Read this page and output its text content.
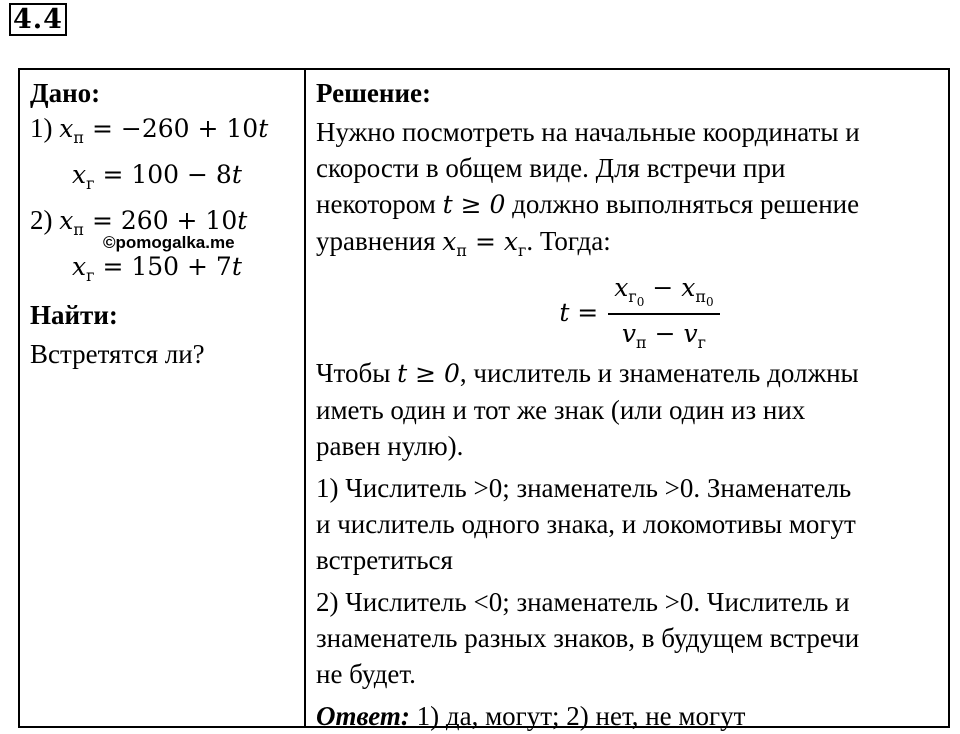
4.4
Дано:
1) $x_п = -260 + 10t$
$x_г = 100 - 8t$
2) $x_п = 260 + 10t$
$x_г = 150 + 7t$
Найти:
Встретятся ли?
©pomogalka.me
Решение:
Нужно посмотреть на начальные координаты и
скорости в общем виде. Для встречи при
некотором t ≥ 0 должно выполняться решение
уравнения $x_п = x_г$. Тогда:
$t = \frac{x_{г_0} - x_{п_0}}{v_п - v_г}$
Чтобы t ≥ 0, числитель и знаменатель должны
иметь один и тот же знак (или один из них
равен нулю).
1) Числитель >0; знаменатель >0. Знаменатель
и числитель одного знака, и локомотивы могут
встретиться
2) Числитель <0; знаменатель >0. Числитель и
знаменатель разных знаков, в будущем встречи
не будет.
Ответ: 1) да, могут; 2) нет, не могут
